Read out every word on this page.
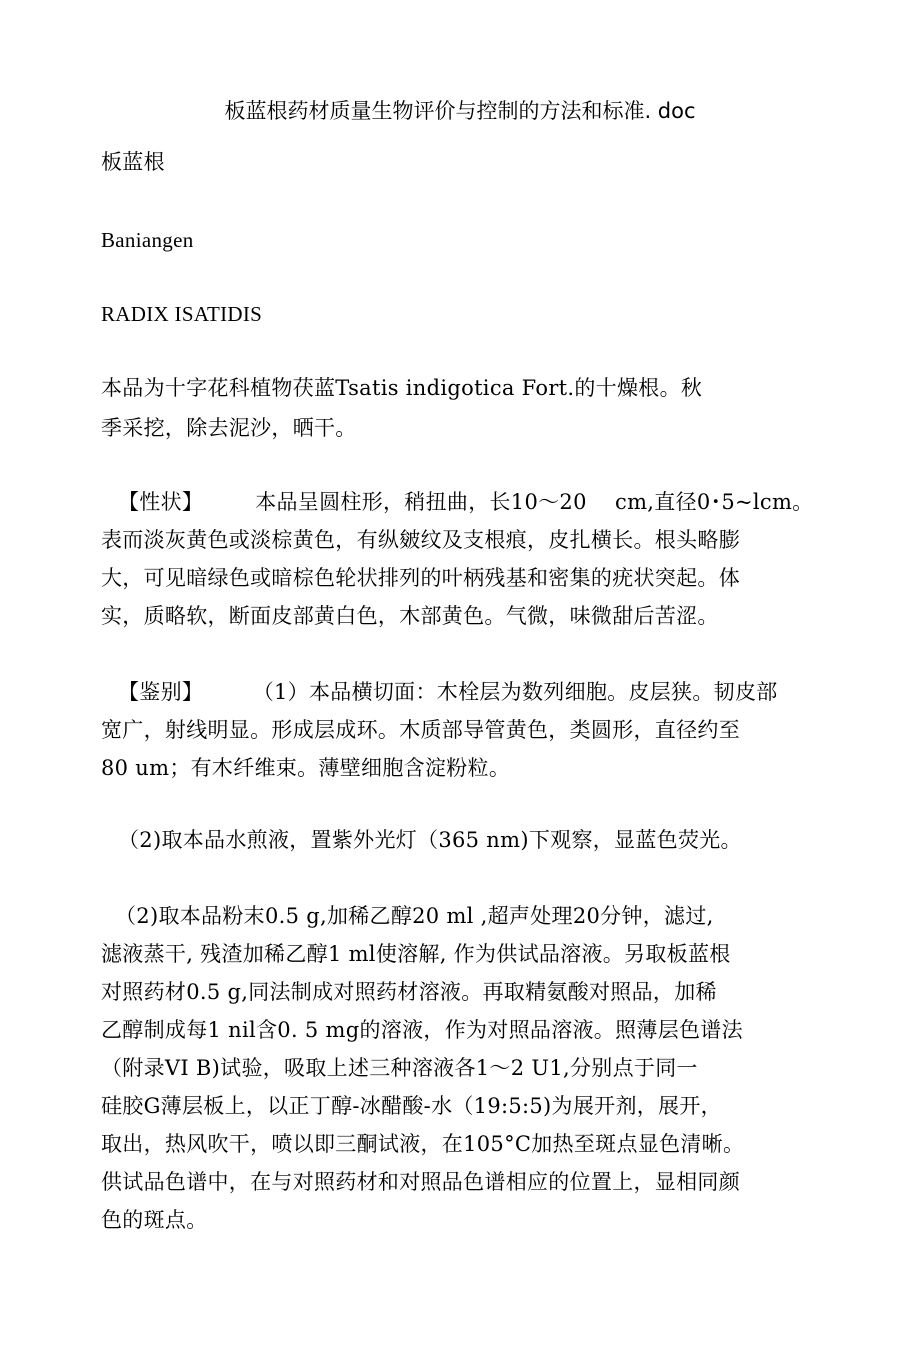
板蓝根药材质量生物评价与控制的方法和标准. doc
板蓝根
Baniangen
RADIX ISATIDIS
本品为十字花科植物茯蓝Tsatis indigotica Fort.的十燥根。秋
季采挖，除去泥沙，晒干。
【性状】 本品呈圆柱形，稍扭曲，长10～20　 cm,直径0･5~lcm。
表而淡灰黄色或淡棕黄色，有纵皴纹及支根痕，皮扎横长。根头略膨
大，可见暗绿色或暗棕色轮状排列的叶柄残基和密集的疣状突起。体
实，质略软，断面皮部黄白色，木部黄色。气微，味微甜后苦涩。
【鉴别】	（1）本品横切面：木栓层为数列细胞。皮层狭。韧皮部
宽广，射线明显。形成层成环。木质部导管黄色，类圆形，直径约至
80 um；有木纤维束。薄壁细胞含淀粉粒。
（2)取本品水煎液，置紫外光灯（365 nm)下观察，显蓝色荧光。
（2)取本品粉末0.5 g,加稀乙醇20 ml ,超声处理20分钟，滤过,
滤液蒸干, 残渣加稀乙醇1 ml使溶解, 作为供试品溶液。另取板蓝根
对照药材0.5 g,同法制成对照药材溶液。再取精氨酸对照品，加稀
乙醇制成每1 nil含0. 5 mg的溶液，作为对照品溶液。照薄层色谱法
（附录VI B)试验，吸取上述三种溶液各1～2 U1,分别点于同一
硅胶G薄层板上，以正丁醇-冰醋酸-水（19:5:5)为展开剂，展开，
取出，热风吹干，喷以即三酮试液，在105°C加热至斑点显色清晰。
供试品色谱中，在与对照药材和对照品色谱相应的位置上，显相同颜
色的斑点。
